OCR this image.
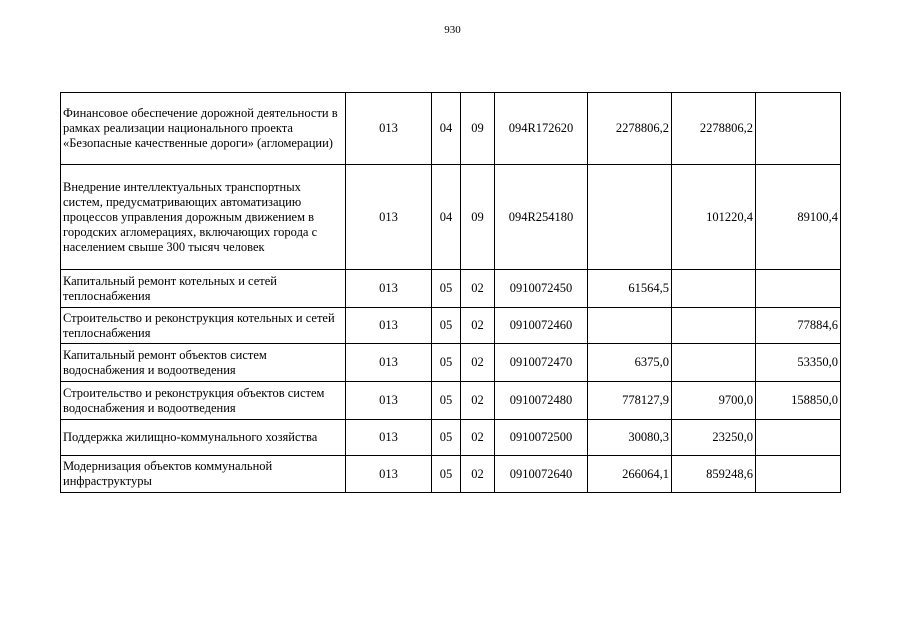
930
Финансовое обеспечение дорожной деятельности в рамках реализации национального проекта «Безопасные качественные дороги» (агломерации)	013	04	09	094R172620	2278806,2	2278806,2	
Внедрение интеллектуальных транспортных систем, предусматривающих автоматизацию процессов управления дорожным движением в городских агломерациях, включающих города с населением свыше 300 тысяч человек	013	04	09	094R254180		101220,4	89100,4
Капитальный ремонт котельных и сетей теплоснабжения	013	05	02	0910072450	61564,5		
Строительство и реконструкция котельных и сетей теплоснабжения	013	05	02	0910072460			77884,6
Капитальный ремонт объектов систем водоснабжения и водоотведения	013	05	02	0910072470	6375,0		53350,0
Строительство и реконструкция объектов систем водоснабжения и водоотведения	013	05	02	0910072480	778127,9	9700,0	158850,0
Поддержка жилищно-коммунального хозяйства	013	05	02	0910072500	30080,3	23250,0	
Модернизация объектов коммунальной инфраструктуры	013	05	02	0910072640	266064,1	859248,6	
